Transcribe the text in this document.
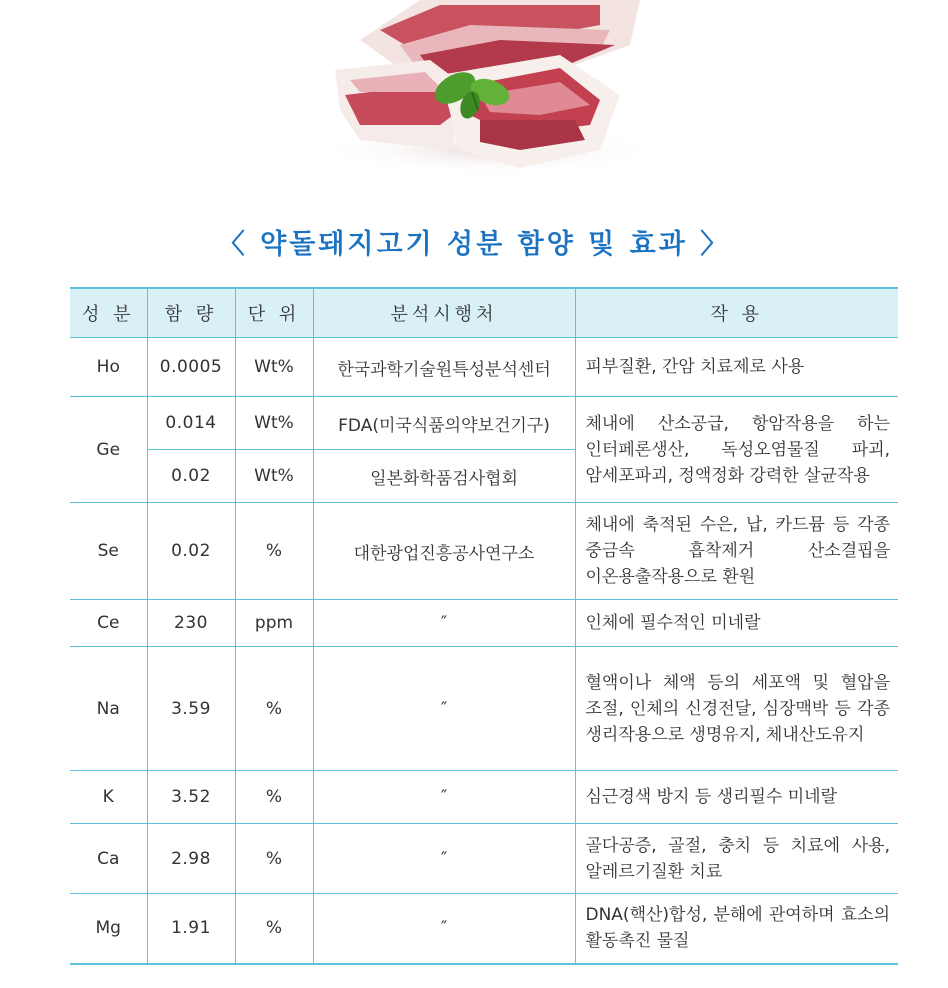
〈 약돌돼지고기 성분 함양 및 효과 〉
성 분	함 량	단 위	분석시행처	작 용
Ho	0.0005	Wt%	한국과학기술원특성분석센터	피부질환, 간암 치료제로 사용
Ge	0.014	Wt%	FDA(미국식품의약보건기구)	체내에 산소공급, 항암작용을 하는 인터페론생산, 독성오염물질 파괴, 암세포파괴, 정액정화 강력한 살균작용
	0.02	Wt%	일본화학품검사협회	
Se	0.02	%	대한광업진흥공사연구소	체내에 축적된 수은, 납, 카드뮴 등 각종 중금속 흡착제거 산소결핍을 이온용출작용으로 환원
Ce	230	ppm	″	인체에 필수적인 미네랄
Na	3.59	%	″	혈액이나 체액 등의 세포액 및 혈압을 조절, 인체의 신경전달, 심장맥박 등 각종 생리작용으로 생명유지, 체내산도유지
K	3.52	%	″	심근경색 방지 등 생리필수 미네랄
Ca	2.98	%	″	골다공증, 골절, 충치 등 치료에 사용, 알레르기질환 치료
Mg	1.91	%	″	DNA(핵산)합성, 분해에 관여하며 효소의 활동촉진 물질
